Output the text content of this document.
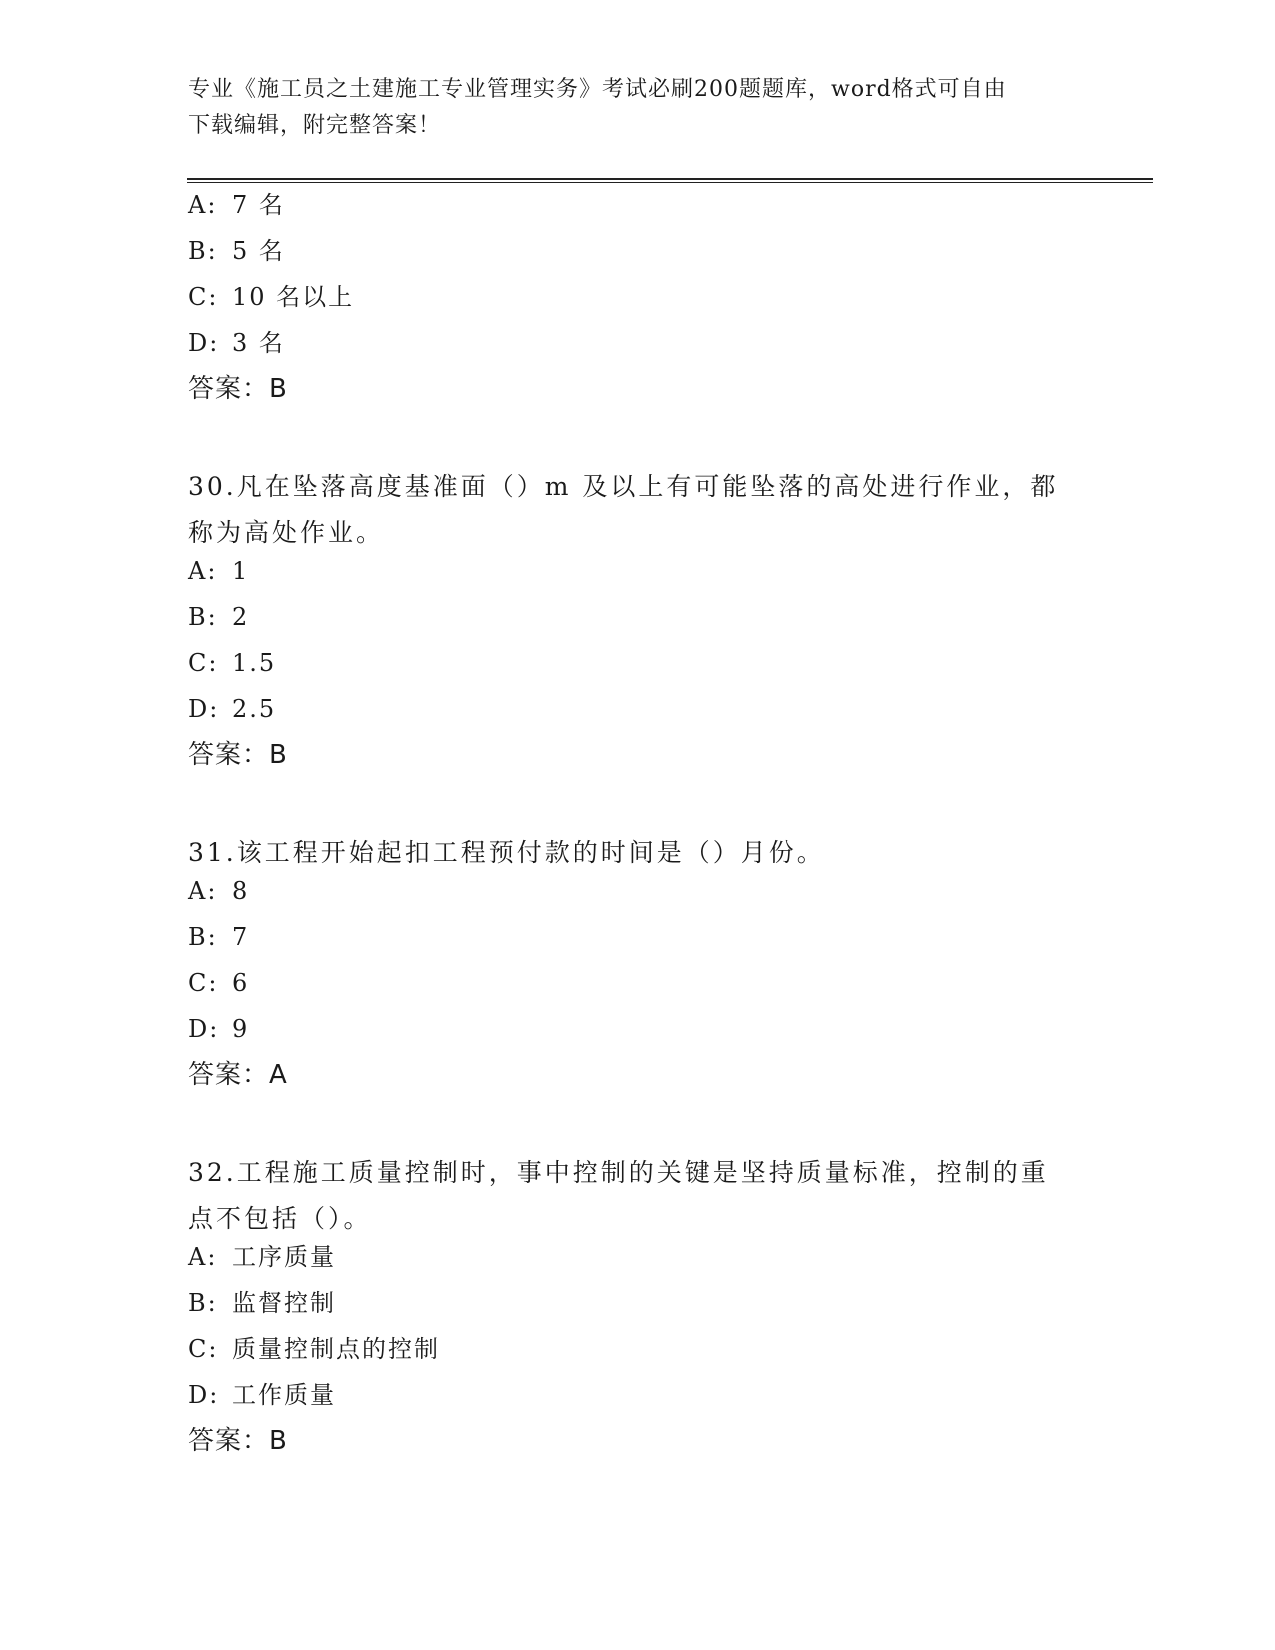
专业《施工员之土建施工专业管理实务》考试必刷200题题库，word格式可自由
下载编辑，附完整答案！
A: 7 名
B: 5 名
C: 10 名以上
D: 3 名
答案：B
30.凡在坠落高度基准面（）m 及以上有可能坠落的高处进行作业，都
称为高处作业。
A: 1
B: 2
C: 1.5
D: 2.5
答案：B
31.该工程开始起扣工程预付款的时间是（）月份。
A: 8
B: 7
C: 6
D: 9
答案：A
32.工程施工质量控制时，事中控制的关键是坚持质量标准，控制的重
点不包括（）。
A: 工序质量
B: 监督控制
C: 质量控制点的控制
D: 工作质量
答案：B
